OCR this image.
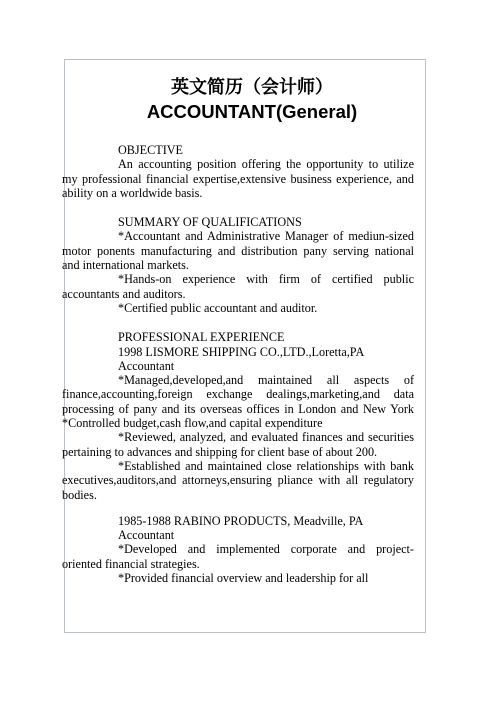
英文简历（会计师）
ACCOUNTANT(General)

OBJECTIVE

An accounting position offering the opportunity to utilize my professional financial expertise,extensive business experience, and ability on a worldwide basis.

SUMMARY OF QUALIFICATIONS

*Accountant and Administrative Manager of mediun-sized motor ponents manufacturing and distribution pany serving national and international markets.

*Hands-on experience with firm of certified public accountants and auditors.

*Certified public accountant and auditor.

PROFESSIONAL EXPERIENCE

1998 LISMORE SHIPPING CO.,LTD.,Loretta,PA

Accountant

*Managed,developed,and maintained all aspects of finance,accounting,foreign exchange dealings,marketing,and data processing of pany and its overseas offices in London and New York *Controlled budget,cash flow,and capital expenditure

*Reviewed, analyzed, and evaluated finances and securities pertaining to advances and shipping for client base of about 200.

*Established and maintained close relationships with bank executives,auditors,and attorneys,ensuring pliance with all regulatory bodies.

1985-1988 RABINO PRODUCTS, Meadville, PA

Accountant

*Developed and implemented corporate and project-oriented financial strategies.

*Provided financial overview and leadership for all
